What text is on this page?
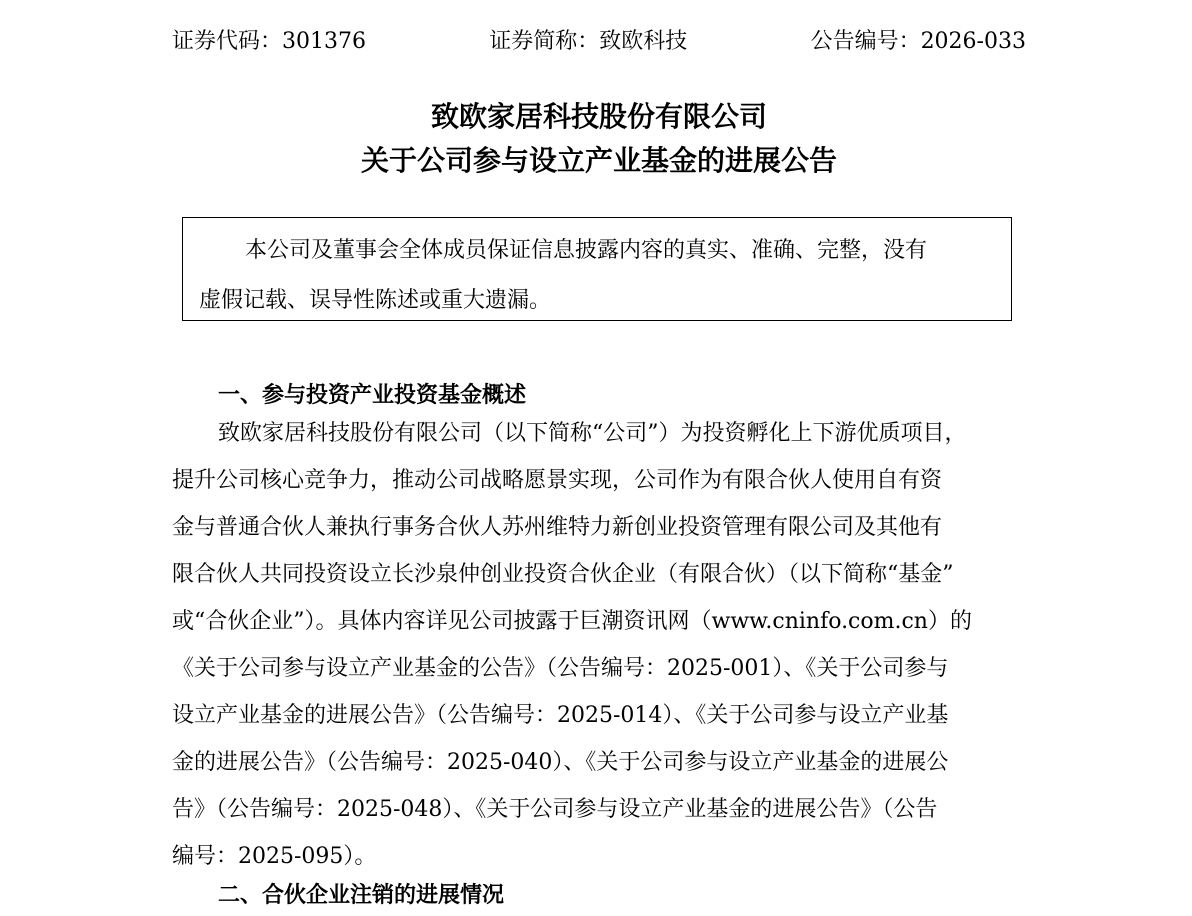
证券代码：301376	证券简称：致欧科技	公告编号：2026-033
致欧家居科技股份有限公司
关于公司参与设立产业基金的进展公告

本公司及董事会全体成员保证信息披露内容的真实、准确、完整，没有

虚假记载、误导性陈述或重大遗漏。

一、参与投资产业投资基金概述
致欧家居科技股份有限公司（以下简称“公司”）为投资孵化上下游优质项目，
提升公司核心竞争力，推动公司战略愿景实现，公司作为有限合伙人使用自有资
金与普通合伙人兼执行事务合伙人苏州维特力新创业投资管理有限公司及其他有
限合伙人共同投资设立长沙泉仲创业投资合伙企业（有限合伙）（以下简称“基金”
或“合伙企业”）。具体内容详见公司披露于巨潮资讯网（www.cninfo.com.cn）的
《关于公司参与设立产业基金的公告》（公告编号：2025-001）、《关于公司参与
设立产业基金的进展公告》（公告编号：2025-014）、《关于公司参与设立产业基
金的进展公告》（公告编号：2025-040）、《关于公司参与设立产业基金的进展公
告》（公告编号：2025-048）、《关于公司参与设立产业基金的进展公告》（公告
编号：2025-095）。
二、合伙企业注销的进展情况
